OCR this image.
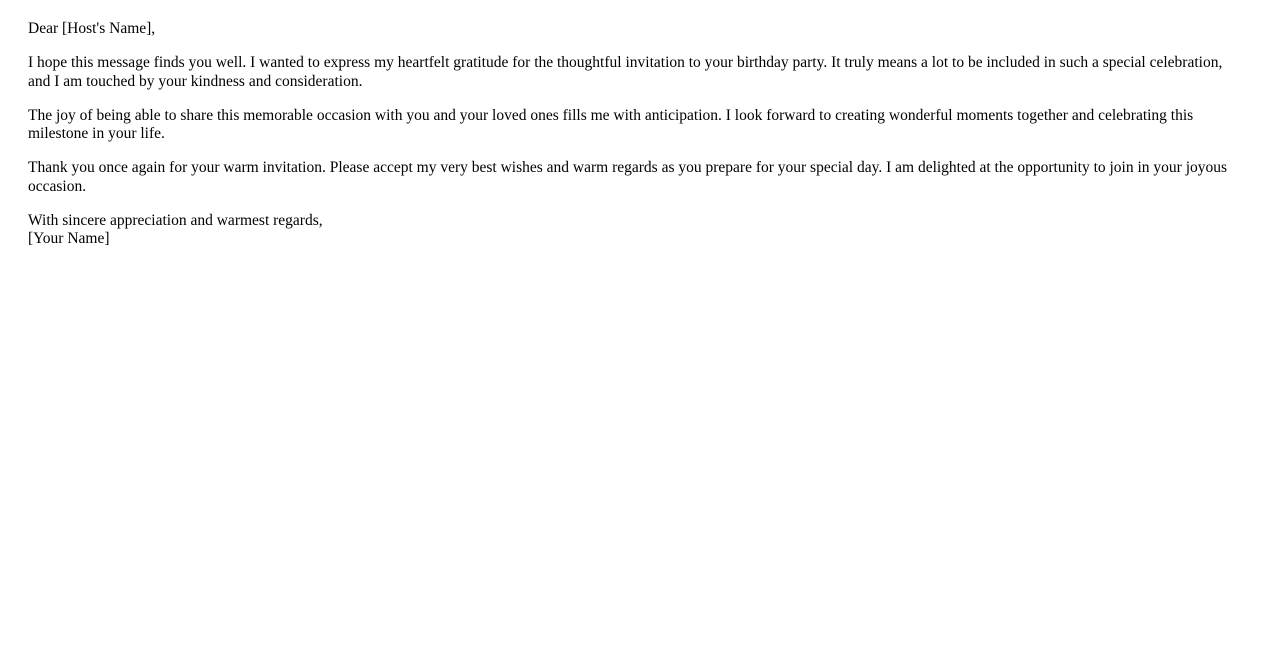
Dear [Host's Name],

I hope this message finds you well. I wanted to express my heartfelt gratitude for the thoughtful invitation to your birthday party. It truly means a lot to be included in such a special celebration, and I am touched by your kindness and consideration.

The joy of being able to share this memorable occasion with you and your loved ones fills me with anticipation. I look forward to creating wonderful moments together and celebrating this milestone in your life.

Thank you once again for your warm invitation. Please accept my very best wishes and warm regards as you prepare for your special day. I am delighted at the opportunity to join in your joyous occasion.

With sincere appreciation and warmest regards,
[Your Name]
